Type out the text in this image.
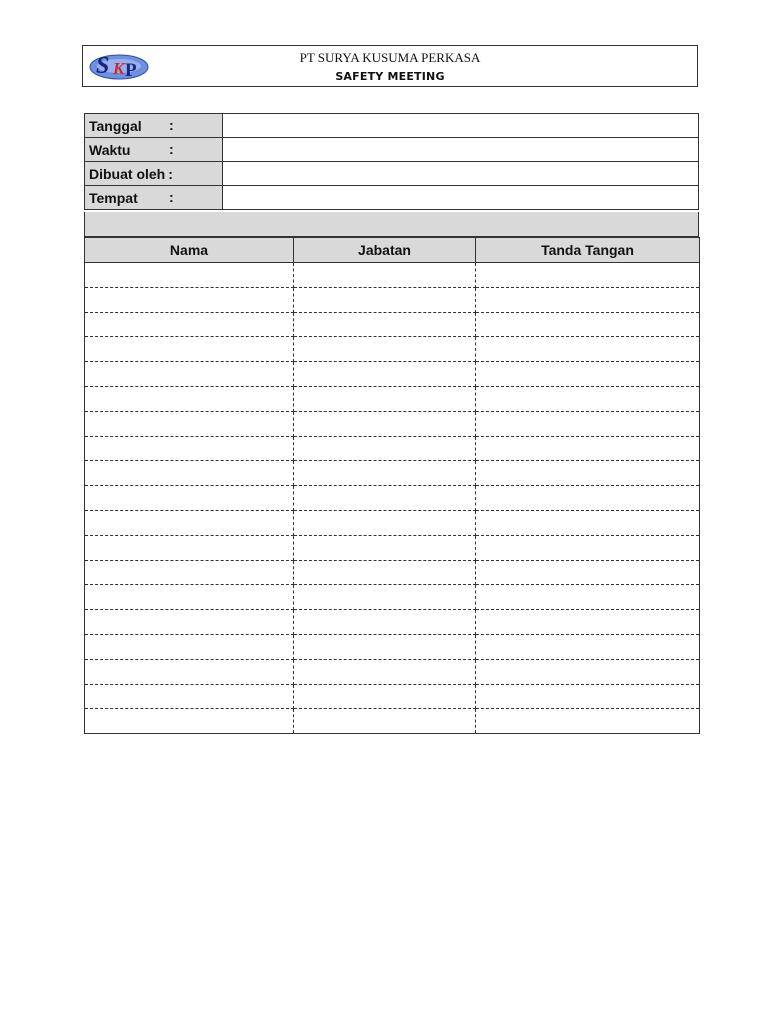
S K P
PT SURYA KUSUMA PERKASA
SAFETY MEETING
Tanggal :	

Waktu :	

Dibuat oleh :	
Tempat :	

Nama	Jabatan	Tanda Tangan
